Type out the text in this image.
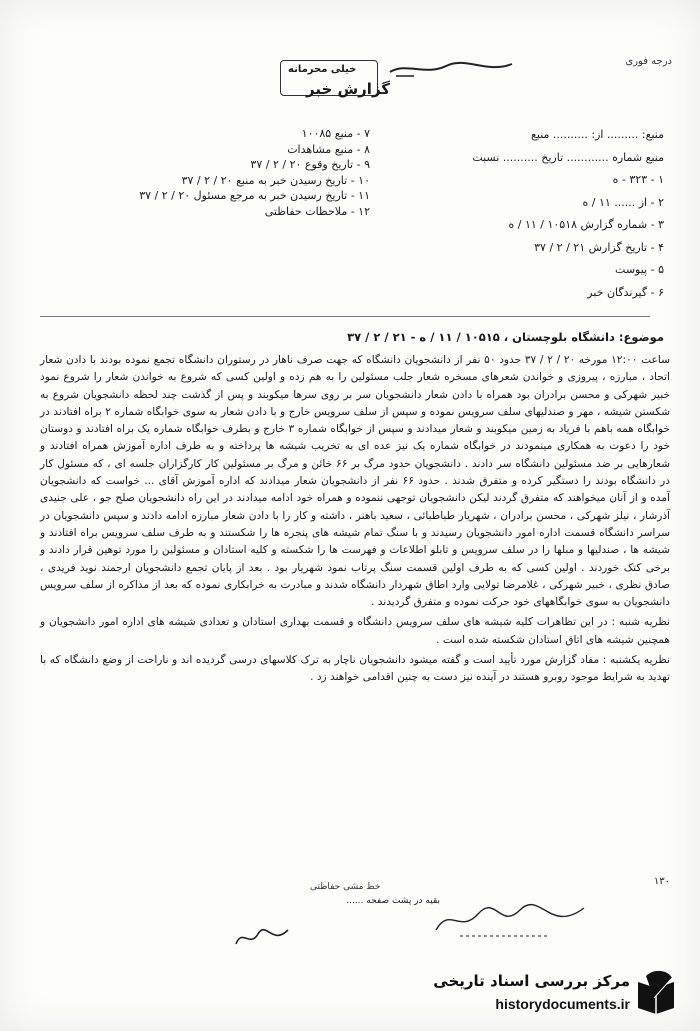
درجه فوری
خیلی محرمانه
گزارش خبر
منبع: ......... از: .......... منبع
منبع شماره ............ تاریخ .......... نسبت
۱ - ۳۲۳ - ه
۲ - از ...... ۱۱ / ه
۳ - شماره گزارش ۱۰۵۱۸ / ۱۱ / ه
۴ - تاریخ گزارش ۲۱ / ۲ / ۳۷
۵ - پیوست
۶ - گیرندگان خبر
۷ - منبع ۱۰۰۸۵
۸ - منبع مشاهدات
۹ - تاریخ وقوع ۲۰ / ۲ / ۳۷
۱۰ - تاریخ رسیدن خبر به منبع ۲۰ / ۲ / ۳۷
۱۱ - تاریخ رسیدن خبر به مرجع مسئول ۲۰ / ۲ / ۳۷
۱۲ - ملاحظات حفاظتی
موضوع: دانشگاه بلوچستان ، ۱۰۵۱۵ / ۱۱ / ه - ۲۱ / ۲ / ۳۷

ساعت ۱۲:۰۰ مورخه ۲۰ / ۲ / ۳۷ حدود ۵۰ نفر از دانشجویان دانشگاه که جهت صرف ناهار در رستوران دانشگاه تجمع نموده بودند با دادن شعار اتحاد ، مبارزه ، پیروزی و خواندن شعرهای مسخره شعار جلب مسئولین را به هم زده و اولین کسی که شروع به خواندن شعار را شروع نمود خبیر شهرکی و محسن برادران بود همراه با دادن شعار دانشجویان سر بر روی سرها میکوبند و پس از گذشت چند لحظه دانشجویان شروع به شکستن شیشه ، مهر و صندلیهای سلف سرویس نموده و سپس از سلف سرویس خارج و با دادن شعار به سوی خوابگاه شماره ۲ براه افتادند در خوابگاه همه باهم با فریاد به زمین میکوبند و شعار میدادند و سپس از خوابگاه شماره ۳ خارج و بطرف خوابگاه شماره یک براه افتادند و دوستان خود را دعوت به همکاری مینمودند در خوابگاه شماره یک نیز عده ای به تخریب شیشه ها پرداخته و به طرف اداره آموزش همراه افتادند و شعارهایی بر ضد مسئولین دانشگاه سر دادند . دانشجویان حدود مرگ بر ۶۶ خائن و مرگ بر مسئولین کار کارگزاران جلسه ای ، که مسئول کار در دانشگاه بودند را دستگیر کرده و متفرق شدند . حدود ۶۶ نفر از دانشجویان شعار میدادند که اداره آموزش آقای ... خواست که دانشجویان آمده و از آنان میخواهند که متفرق گردند لیکن دانشجویان توجهی ننموده و همراه خود ادامه میدادند در این راه دانشجویان صلح جو ، علی جنیدی آذرشار ، نیلز شهرکی ، محسن برادران ، شهریار طباطبائی ، سعید باهنر ، داشته و کار را با دادن شعار مبارزه ادامه دادند و سپس دانشجویان در سراسر دانشگاه قسمت اداره امور دانشجویان رسیدند و با سنگ تمام شیشه های پنجره ها را شکستند و به طرف سلف سرویس براه افتادند و شیشه ها ، صندلیها و مبلها را در سلف سرویس و تابلو اطلاعات و فهرست ها را شکسته و کلیه استادان و مسئولین را مورد توهین قرار دادند و برخی کتک خوردند . اولین کسی که به طرف اولین قسمت سنگ پرتاب نمود شهریار بود . بعد از پایان تجمع دانشجویان ارجمند نوید فریدی ، صادق نظری ، خبیر شهرکی ، غلامرضا تولایی وارد اطاق شهردار دانشگاه شدند و مبادرت به خرابکاری نموده که بعد از مذاکره از سلف سرویس دانشجویان به سوی خوابگاههای خود حرکت نموده و متفرق گردیدند .

نظریه شنبه : در این تظاهرات کلیه شیشه های سلف سرویس دانشگاه و قسمت بهداری استادان و تعدادی شیشه های اداره امور دانشجویان و همچنین شیشه های اتاق استادان شکسته شده است .

نظریه یکشنبه : مفاد گزارش مورد تأیید است و گفته میشود دانشجویان ناچار به ترک کلاسهای درسی گردیده اند و ناراحت از وضع دانشگاه که با تهدید به شرایط موجود روبرو هستند در آینده نیز دست به چنین اقدامی خواهند زد .

خط مشی حفاظتی
بقیه در پشت صفحه ......
۱۳۰
مرکز بررسی اسناد تاریخی
historydocuments.ir
